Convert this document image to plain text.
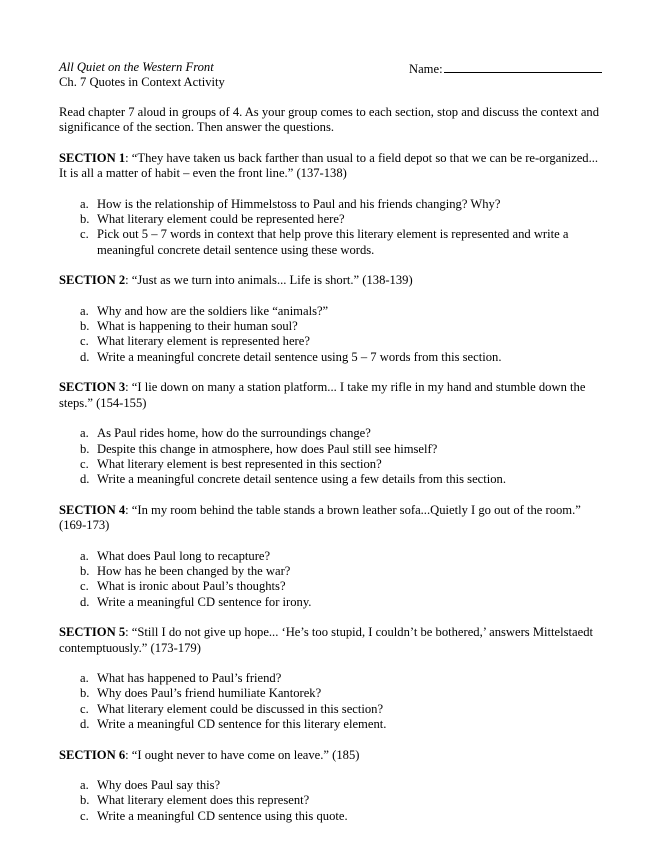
All Quiet on the Western Front
Ch. 7 Quotes in Context Activity
Name:
Read chapter 7 aloud in groups of 4. As your group comes to each section, stop and discuss the context and significance of the section. Then answer the questions.
SECTION 1: “They have taken us back farther than usual to a field depot so that we can be re-organized... It is all a matter of habit – even the front line.” (137-138)
a. How is the relationship of Himmelstoss to Paul and his friends changing? Why?
b. What literary element could be represented here?
c. Pick out 5 – 7 words in context that help prove this literary element is represented and write a meaningful concrete detail sentence using these words.
SECTION 2: “Just as we turn into animals... Life is short.” (138-139)
a. Why and how are the soldiers like “animals?”
b. What is happening to their human soul?
c. What literary element is represented here?
d. Write a meaningful concrete detail sentence using 5 – 7 words from this section.
SECTION 3: “I lie down on many a station platform... I take my rifle in my hand and stumble down the steps.” (154-155)
a. As Paul rides home, how do the surroundings change?
b. Despite this change in atmosphere, how does Paul still see himself?
c. What literary element is best represented in this section?
d. Write a meaningful concrete detail sentence using a few details from this section.
SECTION 4: “In my room behind the table stands a brown leather sofa...Quietly I go out of the room.” (169-173)
a. What does Paul long to recapture?
b. How has he been changed by the war?
c. What is ironic about Paul’s thoughts?
d. Write a meaningful CD sentence for irony.
SECTION 5: “Still I do not give up hope... ‘He’s too stupid, I couldn’t be bothered,’ answers Mittelstaedt contemptuously.” (173-179)
a. What has happened to Paul’s friend?
b. Why does Paul’s friend humiliate Kantorek?
c. What literary element could be discussed in this section?
d. Write a meaningful CD sentence for this literary element.
SECTION 6: “I ought never to have come on leave.” (185)
a. Why does Paul say this?
b. What literary element does this represent?
c. Write a meaningful CD sentence using this quote.
